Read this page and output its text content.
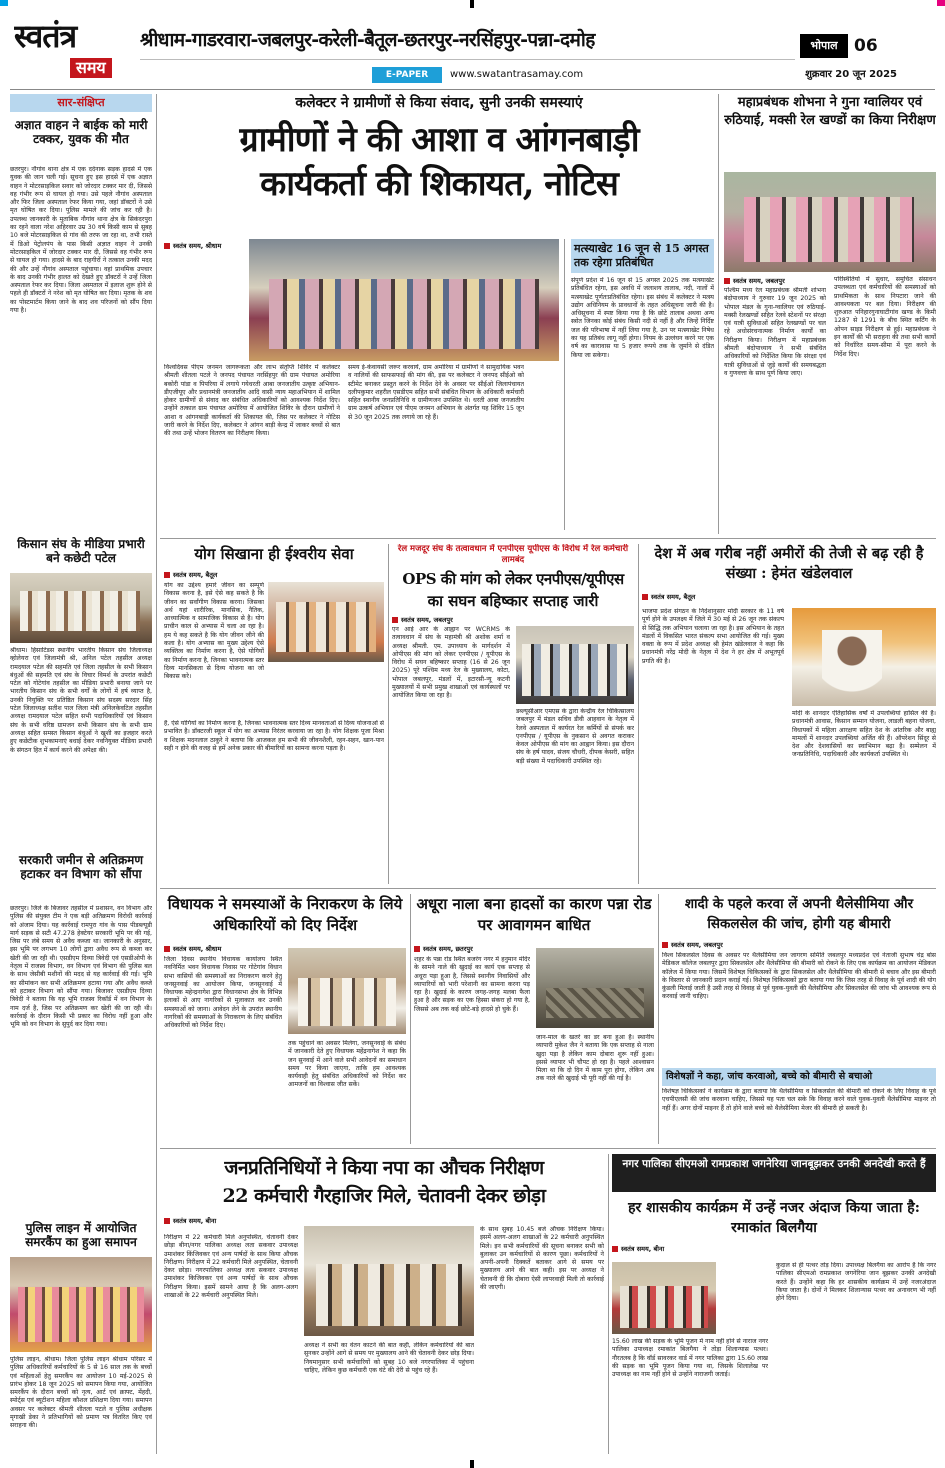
स्वतंत्र
समय
श्रीधाम-गाडरवारा-जबलपुर-करेली-बैतूल-छतरपुर-नरसिंहपुर-पन्ना-दमोह	भोपाल 06
E-PAPER	www.swatantrasamay.com	शुक्रवार 20 जून 2025
सार-संक्षिप्त
अज्ञात वाहन ने बाईक को मारी टक्कर, युवक की मौत
छतरपुर। नौगांव थाना क्षेत्र में एक दर्दनाक सड़क हादसे में एक युवक की जान चली गई। सूचना हुए इस हादसे में एक अज्ञात वाहन ने मोटरसाइकिल सवार को जोरदार टक्कर मार दी, जिससे वह गंभीर रूप से घायल हो गया। उसे पहले नौगांव अस्पताल और फिर जिला अस्पताल रेफर किया गया, जहां डॉक्टरों ने उसे मृत घोषित कर दिया। पुलिस मामले की जांच कर रही है। उपलब्ध जानकारी के मुताबिक नौगांव थाना क्षेत्र के सिकंदरपुरा का रहने वाला नरेश अहिरवार उम्र 30 वर्ष किसी काम से सुबह 10 बजे मोटरसाइकिल से गांव की तरफ जा रहा था, तभी रास्ते में डिओ पेट्रोलपंप के पास किसी अज्ञात वाहन ने उनकी मोटरसाइकिल में जोरदार टक्कर मार दी, जिससे वह गंभीर रूप से घायल हो गया। हादसे के बाद राहगीरों ने तत्काल उनकी मदद की और उन्हें नौगांव अस्पताल पहुंचाया। वहां प्राथमिक उपचार के बाद उनकी गंभीर हालत को देखते हुए डॉक्टरों ने उन्हें जिला अस्पताल रेफर कर दिया। जिला अस्पताल में इलाज शुरू होने से पहले ही डॉक्टरों ने नरेश को मृत घोषित कर दिया। मृतक के शव का पोस्टमार्टम किया जाने के बाद शव परिजनों को सौंप दिया गया है।
किसान संघ के मीडिया प्रभारी बने कछेटी पटेल
श्रीधाम। हिंसाटिडस स्थानीय भारतीय किसान संघ जिलाध्यक्ष व्होलेयरा एवं जिलामंत्री श्री, अनिल पटेल तहसील अध्यक्ष रामदयाल पटेल की सहमति एवं जिला तहसील के सभी किसान बंधुओं की सहमति एवं संघ के विचार विमर्श के उपरांत कछेटी पटेल को गोटेगांव तहसील का मीडिया प्रभारी बनाया जाने पर भारतीय किसान संघ के सभी वर्गों के लोगों में हर्ष व्याप्त है, उनकी नियुक्ति पर प्रतिष्ठित किसान संघ सदस्य सरदार सिंह पटेल जिलाध्यक्ष सतीश पाल जिला मंत्री अनिलकेवटिल तहसील अध्यक्ष रामदयाल पटेल सहित सभी पदाधिकारियों एवं किसान संघ के सभी वरिष्ठ ग्रामजन सभी किसान संघ के सभी ग्राम अध्यक्ष सहित समस्त किसान बंधुओं ने खुशी का इजहार करते हुए कछेटीक शुभकामनाएं बधाई देकर नवनियुक्त मीडिया प्रभारी के संगठन हित में कार्य करने की अपेक्षा की।
सरकारी जमीन से अतिक्रमण हटाकर वन विभाग को सौंपा
छतरपुर। जिले के बिजावर तहसील में प्रशासन, वन विभाग और पुलिस की संयुक्त टीम ने एक बड़ी अतिक्रमण विरोधी कार्रवाई को अंजाम दिया। यह कार्रवाई रामपुरा गांव के पास पीडब्ल्यूडी मार्ग सड़क से सटी 47.278 हेक्टेयर सरकारी भूमि पर की गई, जिस पर लंबे समय से अवैध कब्जा था। जानकारी के अनुसार, इस भूमि पर लगभग 10 लोगों द्वारा अवैध रूप से कब्जा कर खेती की जा रही थी। एसडीएम दिव्या त्रिवेदी एवं एसडीओपी के नेतृत्व में राजस्व विभाग, वन विभाग एवं विभाग की पुलिस बल के साथ जेसीबी मशीनों की मदद से यह कार्रवाई की गई। भूमि का सीमांकन कर सभी अतिक्रमण हटाया गया और अवैध कब्जे को हटाकर विभाग को सौंपा गया। बिजावर एसडीएम दिव्या त्रिवेदी ने बताया कि यह भूमि राजस्व रिकॉर्ड में वन विभाग के नाम दर्ज है, जिस पर अतिक्रमण कर खेती की जा रही थी। कार्रवाई के दौरान किसी भी प्रकार का विरोध नहीं हुआ और भूमि को वन विभाग के सुपुर्द कर दिया गया।
पुलिस लाइन में आयोजित समरकैंप का हुआ समापन
पुलिस लाइन, श्रीधाम। जिला पुलिस लाइन श्रीधाम परिसर में पुलिस अधिकारियों कर्मचारियों के 5 से 16 साल तक के बच्चों एवं महिलाओं हेतु समरकैंप का आयोजन 10 मई-2025 से प्रारंभ होकर 18 जून 2025 को समापन किया गया, आयोजित समरकैंप के दौरान बच्चों को नृत्य, आर्ट एवं क्राफ्ट, मेंहदी, स्पोर्ट्स एवं ब्यूटीशन महिला कौशल प्रशिक्षण दिया गया। समापन अवसर पर कलेक्टर श्रीमती शीतला पटले व पुलिस अधीक्षक मृगाखी डेका ने प्रतिभागियों को प्रमाण पत्र वितरित किए एवं सराहना की।
कलेक्टर ने ग्रामीणों से किया संवाद, सुनी उनकी समस्याएं
ग्रामीणों ने की आशा व आंगनबाड़ी
कार्यकर्ता की शिकायत, नोटिस
स्वतंत्र समय, श्रीधाम
विश्वदिवस पीएम जनमन जागरूकता और लाभ संतृप्ति शिविर में कलेक्टर श्रीमती शीतला पटले ने जनपद पंचायत नरसिंहपुर की ग्राम पंचायत अमोरिया बकोरी पांडा व पिपरिया में लगाये गयेधरती आबा जनजातीय उत्कृष्ट अभियान-डीएजीयूए और प्रधानमंत्री जनजातीय आदि वासी न्याय महाअभियान में शामिल होकर ग्रामीणों से संवाद कर संबंधित अधिकारियों को आवश्यक निर्देश दिए। उन्होंने तत्काल ग्राम पंचायत अमोरिया में आयोजित शिविर के दौरान ग्रामीणों ने आशा व आंगनबाड़ी कार्यकर्ता की शिकायत की, जिस पर कलेक्टर ने नोटिस जारी करने के निर्देश दिए, कलेक्टर ने आंगन बाड़ी केन्द्र में जाकर बच्चों से बात की तथा उन्हें भोजन वितरण का निरीक्षण किया।
समय ई-केवायसी जरूर करवायें, ग्राम अमोरिया में ग्रामीणों ने सामुदायिक भवन व नालियों की साफसफाई की मांग की, इस पर कलेक्टर ने जनपद सीईओ को स्टीमेट बनाकर प्रस्तुत करने के निर्देश देने के अवसर पर सीईओ जिलापंचायत दलीपकुमार शहरील एसडीएम सहित सभी संबंधित विभाग के अधिकारी कर्मचारी सहित स्थानीय जनप्रतिनिधि व ग्रामीणजन उपस्थित थे। धरती आबा जनजातीय ग्राम उत्कर्ष अभियान एवं पीएम जनमन अभियान के अंतर्गत यह शिविर 15 जून से 30 जून 2025 तक लगाये जा रहे हैं।
मत्स्याखेट 16 जून से 15 अगस्त तक रहेगा प्रतिबंधित
संपूर्ण प्रदेश में 16 जून से 15 अगस्त 2025 तक मत्स्याखेट प्रतिबंधित रहेगा, इस अवधि में जलाशय तालाब, नदी, नालों में मत्स्याखेट पूर्णतःप्रतिबंधित रहेगा। इस संबंध में कलेक्टर ने मत्स्य उद्योग अधिनियम के प्रावधानों के तहत अधिसूचना जारी की है। अधिसूचना में स्पष्ट किया गया है कि छोटे तालाब अथवा अन्य स्त्रोत जिनका कोई संबंध किसी नदी से नहीं है और जिन्हें निर्दिष्ट जल की परिभाषा में नहीं लिया गया है, उन पर मत्स्याखेट निषेध का यह प्रतिबंध लागू नहीं होगा। नियम के उल्लंघन करने पर एक वर्ष का कारावास या 5 हजार रूपये तक के जुर्माने से दंडित किया जा सकेगा।
महाप्रबंधक शोभना ने गुना ग्वालियर एवं रुठियाई, मक्सी रेल खण्डों का किया निरीक्षण
स्वतंत्र समय, जबलपुर
पश्चिम मध्य रेल महाप्रबंधक श्रीमती शोभना बंदोपाध्याय ने गुरुवार 19 जून 2025 को भोपाल मंडल के गुना-ग्वालियर एवं रुठियाई-मक्सी रेलखण्डों सहित रेलवे स्टेशनों पर संरक्षा एवं यात्री सुविधाओं सहित रेलखण्डों पर चल रहे अधोसंरचनात्मक निर्माण कार्यों का निरीक्षण किया। निरीक्षण में महाप्रबंधक श्रीमती बंदोपाध्याय ने सभी संबंधित अधिकारियों को निर्देशित किया कि संरक्षा एवं यात्री सुविधाओं से जुड़े कार्यों की समयबद्धता व गुणवत्ता के साथ पूर्ण किया जाए।
परिस्थितियों में सुधार, समुचित संसाधन उपलब्धता एवं कर्मचारियों की समस्याओं को प्राथमिकता के साथ निपटारा जाने की आवश्यकता पर बल दिया। निरीक्षण की शुरुआत पनिहारगुनाघाटीगांव खण्ड के किमी 1287 से 1291 के बीच स्थित कर्टिंग के ओपन साइड निरीक्षण से हुई। महाप्रबंधक ने इन कार्यों की भी सराहना की तथा सभी कार्यों को निर्धारित समय-सीमा में पूरा करने के निर्देश दिए।
योग सिखाना ही ईश्वरीय सेवा
स्वतंत्र समय, बैतूल
योग का उद्देश्य हमारे जीवन का सम्पूर्ण विकास करना है, इसे ऐसे कह सकते है कि जीवन का सर्वांगीण विकास करना। जिसका अर्थ यहां शारीरिक, मानसिक, नैतिक, आध्यात्मिक व सामाजिक विकास से है। योग प्राचीन काल से अभ्यास में चला आ रहा है। हम ये कह सकते है कि योग जीवन जीने की कला है। योग अभ्यास का मुख्य उद्देश्य ऐसे व्यक्तित्व का निर्माण करना है, ऐसे योगियों का निर्माण करना है, जिनका भावनात्मक स्तर दिव्य मानसिकता से दिव्य योजना का जो बिकास करे।
हैं, ऐसे योगियों का निर्माण करना है, जिनका भावनात्मक स्तर दिव्य मानवताओं से दिव्य योजनाओं से प्रभावित है। डॉक्टरजी स्कूल में योग का अभ्यास निरंतर करवाया जा रहा है। योग शिक्षक पूजा मिश्रा व शिक्षक मदनलाल ठाकुरे ने बताया कि आजकल हम सभी की जीवनशैली, रहन-सहन, खान-पान सही न होने की वजह से हमें अनेक प्रकार की बीमारियों का सामना करना पड़ता है।
रेल मजदूर संघ के तत्वावधान में एनपीएस यूपीएस के विरोध में रेल कर्मचारी लामबंद
OPS की मांग को लेकर एनपीएस/यूपीएस
का सघन बहिष्कार सप्ताह जारी
स्वतंत्र समय, जबलपुर
एन आई आर के आह्वान पर WCRMS के तत्वावधान में संघ के महामंत्री श्री अशोक शर्मा व अध्यक्ष श्रीमती. एम. उपाध्याय के मार्गदर्शन में ओपीएस की मांग को लेकर एनपीएस / यूपीएस के विरोध में सघन बहिष्कार सप्ताह (16 से 26 जून 2025) पूरे पश्चिम मध्य रेल के मुख्यालय, कोटा, भोपाल जबलपुर, मंडलों में, इटारसी-न्यू कटनी मुख्यालयों में सभी प्रमुख शाखाओं एवं कार्यस्थलों पर आयोजित किया जा रहा है।
डब्ल्यूसीआर एमएस के द्वारा केन्द्रीय रेल चिकित्सालय जबलपुर में मंडल सचिव डीवी आहवान के नेतृत्व में रेलवे अस्पताल में कार्यरत रेल कर्मियों से संपर्क कर एनपीएस / यूपीएस के नुकसान से अवगत कराकर केवल ओपीएस की मांग का आह्वान किया। इस दौरान संघ के हर्ष यादव, संजय चौधरी, दीपक केसरी, सहित बड़ी संख्या में पदाधिकारी उपस्थित रहे।
देश में अब गरीब नहीं अमीरों की तेजी से बढ़ रही है संख्या : हेमंत खंडेलवाल
स्वतंत्र समय, बैतूल
भाजपा प्रदेश संगठन के निर्देशानुसार मोदी सरकार के 11 वर्ष पूर्ण होने के उपलक्ष्य में जिले में 30 मई से 26 जून तक संकल्प से सिद्धि तक अभियान चलाया जा रहा है। इस अभियान के तहत मंडलों में विकसित भारत संकल्प सभा आयोजित की गई। मुख्य वक्ता के रूप में प्रदेश अध्यक्ष श्री हेमंत खंडेलवाल ने कहा कि प्रधानमंत्री नरेंद्र मोदी के नेतृत्व में देश ने हर क्षेत्र में अभूतपूर्व प्रगति की है।
मोदी के शानदार ऐतिहासिक वर्षों में उपलब्धियां हासिल की है। प्रधानमंत्री आवास, किसान सम्मान योजना, लाडली बहना योजना, विधायकों में महिला आरक्षण सहित देश के आंतरिक और बाह्य मामलों में शानदार उपलब्धियां अर्जित की हैं। ऑपरेशन सिंदूर से देश और देशवासियों का स्वाभिमान बढ़ा है। सम्मेलन में जनप्रतिनिधि, पदाधिकारी और कार्यकर्ता उपस्थित थे।
विधायक ने समस्याओं के निराकरण के लिये अधिकारियों को दिए निर्देश
स्वतंत्र समय, श्रीधाम
जिला दिवस स्थानीय विधायक कार्यालय स्थित नवनिर्मित भवन विधायक निवास पर गोटेगांव विधान सभा वासियों की समस्याओं का निराकरण करने हेतु जनसुनवाई का आयोजन किया, जनसुनवाई में विधायक महेन्द्रनागेश द्वारा विधानसभा क्षेत्र के विभिन्न इलाकों से आए नागरिकों से मुलाकात कर उनकी समस्याओं को जाना। आवेदन लेने के उपरांत स्थानीय नागरिकों की समस्याओं के निराकरण के लिए संबंधित अधिकारियों को निर्देश दिए।
तक पहुंचाने का अवसर मिलेगा, जनसुनवाई के संबंध में जानकारी देते हुए विधायक महेंद्रनागेश ने कहा कि जन सुनवाई में आने वाले सभी आवेदनों का समाधान समय पर किया जाएगा, ताकि हम आवश्यक कार्यवाही हेतु संबंधित अधिकारियों को निर्देश कर आमजनों का विश्वास जीत सकें।
अधूरा नाला बना हादसों का कारण पन्ना रोड पर आवागमन बाधित
स्वतंत्र समय, छतरपुर
शहर के पन्ना रोड स्थित बजरंग नगर में हनुमान मंदिर के सामने नाले की खुदाई का कार्य एक सप्ताह से अधूरा पड़ा हुआ है, जिससे स्थानीय निवासियों और व्यापारियों को भारी परेशानी का सामना करना पड़ रहा है। खुदाई के कारण जगह-जगह मलबा फैला हुआ है और सड़क का एक हिस्सा संकरा हो गया है, जिससे अब तक कई छोटे-बड़े हादसे हो चुके हैं।
जान-माल के खतरे का डर बना हुआ है। स्थानीय व्यापारी मुकेश जैन ने बताया कि एक सप्ताह से नाला खुदा पड़ा है लेकिन काम दोबारा शुरू नहीं हुआ। इससे व्यापार भी चौपट हो रहा है। पहले आश्वासन मिला था कि दो दिन में काम पूरा होगा, लेकिन अब तक नाले की खुदाई भी पूरी नहीं की गई है।
शादी के पहले करवा लें अपनी थैलेसीमिया और सिकलसेल की जांच, होगी यह बीमारी
स्वतंत्र समय, जबलपुर
विश्व सिकलसेल दिवस के अवसर पर थैलेसीमिया जन जागरण समिति जबलपुर मध्यप्रदेश एवं नेताजी सुभाष चंद्र बोस मेडिकल कॉलेज जबलपुर द्वारा सिकलसेल और थैलेसीमिया की बीमारी को रोकने के लिए एक कार्यक्रम का आयोजन मेडिकल कॉलेज में किया गया। जिसमें विशेषज्ञ चिकित्सकों के द्वारा सिकलसेल और थैलेसीमिया की बीमारी से बचाव और इस बीमारी के विस्तार से जानकारी प्रदान कराई गई। विशेषज्ञ चिकित्सकों द्वारा बताया गया कि जिस तरह से विवाह के पूर्व शादी की योग कुंडली मिलाई जाती है उसी तरह से विवाह से पूर्व युवक-युवती की थैलेसीमिया और सिकलसेल की जांच भी आवश्यक रूप से करवाई जानी चाहिए।
विशेषज्ञों ने कहा, जांच करवाओ, बच्चे को बीमारी से बचाओ
विशेषज्ञ चिकित्सकों ने कार्यक्रम के द्वारा बताया कि थैलेसीमिया व सिकलसेल की बीमारी को रोकने के लिए विवाह के पूर्व एचपीएलसी की जांच करवाना चाहिए, जिससे यह पता चल सके कि विवाह करने वाले युवक-युवती थैलेसीमिया माइनर तो नहीं हैं। अगर दोनों माइनर हैं तो होने वाले बच्चे को थैलेसीमिया मेजर की बीमारी हो सकती है।
जनप्रतिनिधियों ने किया नपा का औचक निरीक्षण
22 कर्मचारी गैरहाजिर मिले, चेतावनी देकर छोड़ा
स्वतंत्र समय, बीना
निरीक्षण में 22 कर्मचारी मिले अनुपस्थित, चेतावनी देकर छोड़ा बीना/नगर पालिका अध्यक्ष लता सकवार उपाध्यक्ष उमाशंकर किंजिवकर एवं अन्य पार्षदों के साथ किया औचक निरीक्षण। निरीक्षण में 22 कर्मचारी मिले अनुपस्थित, चेतावनी देकर छोड़ा। नगरपालिका अध्यक्ष लता सकवार उपाध्यक्ष उमाशंकर किजिवकर एवं अन्य पार्षदों के साथ औचक निरीक्षण किया। इसमें सामने आया है कि अलग-अलग शाखाओं के 22 कर्मचारी अनुपस्थित मिले।
अध्यक्ष ने सभी का वेतन काटने की बात कही, लेकिन कर्मचारियों की बात सुनकर उन्होंने आगे से समय पर मुख्यालय आने की चेतावनी देकर छोड़ दिया। नियमानुसार सभी कर्मचारियों को सुबह 10 बजे नगरपालिका में पहुंचना चाहिए, लेकिन कुछ कर्मचारी एक घंटे की देरी से पहुंच रहे हैं।
के साथ सुबह 10.45 बजे औचक निरीक्षण किया। इसमें अलग-अलग शाखाओं के 22 कर्मचारी अनुपस्थित मिले। इन सभी कर्मचारियों की सूचना बनाकर सभी को बुलाकर उन कर्मचारियों से कारण पूछा। कर्मचारियों ने अपनी-अपनी दिक्कतें बताकर आगे से समय पर मुख्यालय आने की बात कही। इस पर अध्यक्ष ने चेतावनी दी कि दोबारा ऐसी लापरवाही मिली तो कार्रवाई की जाएगी।
नगर पालिका सीएमओ रामप्रकाश जगनेरिया जानबूझकर उनकी अनदेखी करते हैं
हर शासकीय कार्यक्रम में उन्हें नजर अंदाज किया जाता है: रमाकांत बिलगैया
स्वतंत्र समय, बीना
15.60 लाख की सड़क के भूमि पूजन में नाम नहीं होने से नाराज नगर पालिका उपाध्यक्ष रमाकांत बिलगैया ने तोड़ा शिलान्यास पत्थर। नौरतलब है कि वॉर्ड सावरकर वार्ड में नगर पालिका द्वारा 15.60 लाख की सड़क का भूमि पूजन किया गया था, जिसके शिलालेख पर उपाध्यक्ष का नाम नहीं होने से उन्होंने नाराजगी जताई।
कुदाल से ही पत्थर तोड़ दिया। उपाध्यक्ष बिलगैया का आरोप है कि नगर पालिका सीएमओ रामप्रकाश जगनेरिया जान बूझकर उनकी अनदेखी करते हैं। उन्होंने कहा कि हर शासकीय कार्यक्रम में उन्हें नजरअंदाज किया जाता है। दोनों ने मिलकर शिलान्यास पत्थर का अनावरण भी नहीं होने दिया।
